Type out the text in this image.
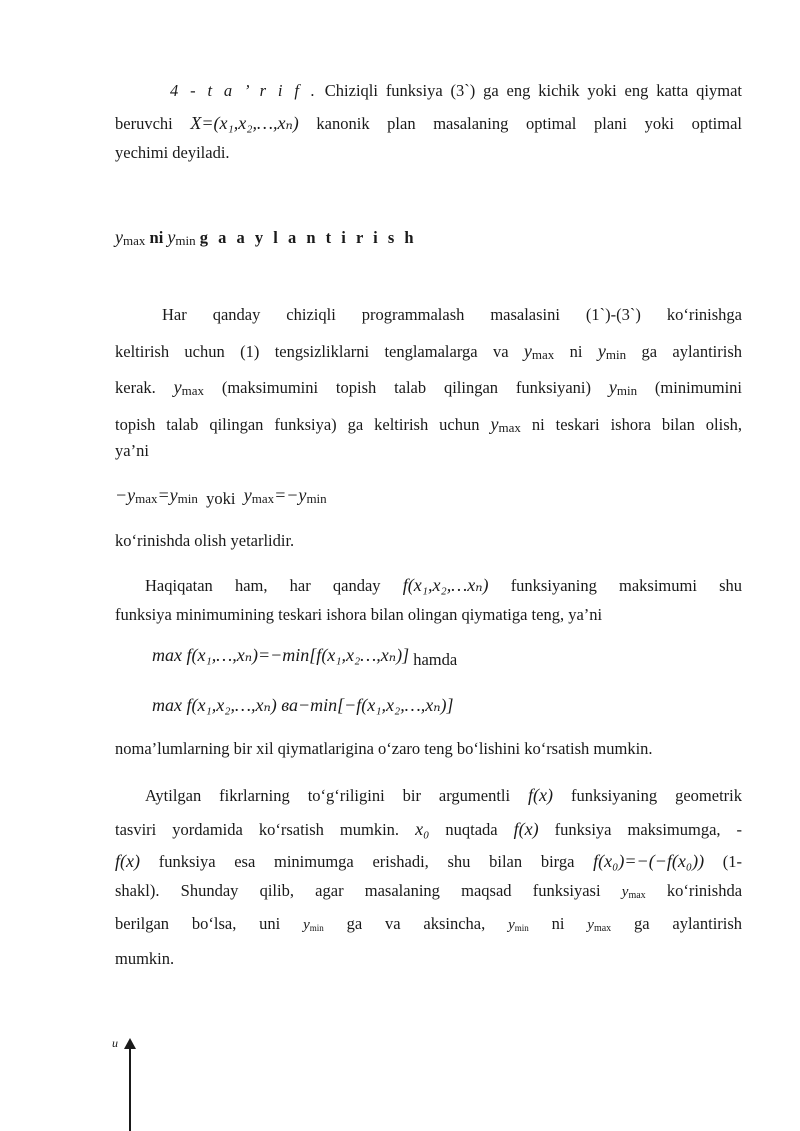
4 - t a ’ r i f . Chiziqli funksiya (3`) ga eng kichik yoki eng katta qiymat
beruvchi X=(x₁,x₂,…,xₙ) kanonik plan masalaning optimal plani yoki optimal
yechimi deyiladi.
ymax ni ymin g a a y l a n t i r i s h
Har qanday chiziqli programmalash masalasini (1`)-(3`) ko‘rinishga
keltirish uchun (1) tengsizliklarni tenglamalarga va ymax ni ymin ga aylantirish
kerak. ymax (maksimumini topish talab qilingan funksiyani) ymin (minimumini
topish talab qilingan funksiya) ga keltirish uchun ymax ni teskari ishora bilan olish,
ya’ni
−ymax=ymin yoki ymax=−ymin
ko‘rinishda olish yetarlidir.
Haqiqatan ham, har qanday f(x₁,x₂,…xₙ) funksiyaning maksimumi shu
funksiya minimumining teskari ishora bilan olingan qiymatiga teng, ya’ni
max f(x₁,…,xₙ)=−min[f(x₁,x₂…,xₙ)] hamda
max f(x₁,x₂,…,xₙ) ва−min[−f(x₁,x₂,…,xₙ)]
noma’lumlarning bir xil qiymatlarigina o‘zaro teng bo‘lishini ko‘rsatish mumkin.
Aytilgan fikrlarning to‘g‘riligini bir argumentli f(x) funksiyaning geometrik
tasviri yordamida ko‘rsatish mumkin. x₀ nuqtada f(x) funksiya maksimumga, -
f(x) funksiya esa minimumga erishadi, shu bilan birga f(x₀)=−(−f(x₀)) (1-
shakl). Shunday qilib, agar masalaning maqsad funksiyasi ymax ko‘rinishda
berilgan bo‘lsa, uni ymin ga va aksincha, ymin ni ymax ga aylantirish
mumkin.
u
